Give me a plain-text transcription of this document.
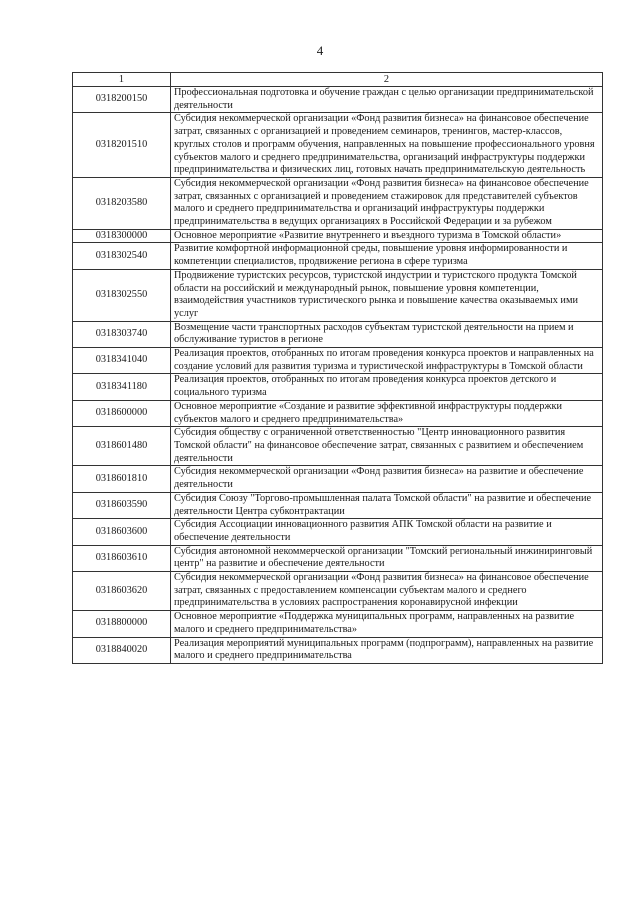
4
1	2
0318200150	Профессиональная подготовка и обучение граждан с целью организации предпринимательской деятельности
0318201510	Субсидия некоммерческой организации «Фонд развития бизнеса» на финансовое обеспечение затрат, связанных с организацией и проведением семинаров, тренингов, мастер-классов, круглых столов и программ обучения, направленных на повышение профессионального уровня субъектов малого и среднего предпринимательства, организаций инфраструктуры поддержки предпринимательства и физических лиц, готовых начать предпринимательскую деятельность
0318203580	Субсидия некоммерческой организации «Фонд развития бизнеса» на финансовое обеспечение затрат, связанных с организацией и проведением стажировок для представителей субъектов малого и среднего предпринимательства и организаций инфраструктуры поддержки предпринимательства в ведущих организациях в Российской Федерации и за рубежом
0318300000	Основное мероприятие «Развитие внутреннего и въездного туризма в Томской области»
0318302540	Развитие комфортной информационной среды, повышение уровня информированности и компетенции специалистов, продвижение региона в сфере туризма
0318302550	Продвижение туристских ресурсов, туристской индустрии и туристского продукта Томской области на российский и международный рынок, повышение уровня компетенции, взаимодействия участников туристического рынка и повышение качества оказываемых ими услуг
0318303740	Возмещение части транспортных расходов субъектам туристской деятельности на прием и обслуживание туристов в регионе
0318341040	Реализация проектов, отобранных по итогам проведения конкурса проектов и направленных на создание условий для развития туризма и туристической инфраструктуры в Томской области
0318341180	Реализация проектов, отобранных по итогам проведения конкурса проектов детского и социального туризма
0318600000	Основное мероприятие «Создание и развитие эффективной инфраструктуры поддержки субъектов малого и среднего предпринимательства»
0318601480	Субсидия обществу с ограниченной ответственностью "Центр инновационного развития Томской области" на финансовое обеспечение затрат, связанных с развитием и обеспечением деятельности
0318601810	Субсидия некоммерческой организации «Фонд развития бизнеса» на развитие и обеспечение деятельности
0318603590	Субсидия Союзу "Торгово-промышленная палата Томской области" на развитие и обеспечение деятельности Центра субконтрактации
0318603600	Субсидия Ассоциации инновационного развития АПК Томской области на развитие и обеспечение деятельности
0318603610	Субсидия автономной некоммерческой организации "Томский региональный инжиниринговый центр" на развитие и обеспечение деятельности
0318603620	Субсидия некоммерческой организации «Фонд развития бизнеса» на финансовое обеспечение затрат, связанных с предоставлением компенсации субъектам малого и среднего предпринимательства в условиях распространения коронавирусной инфекции
0318800000	Основное мероприятие «Поддержка муниципальных программ, направленных на развитие малого и среднего предпринимательства»
0318840020	Реализация мероприятий муниципальных программ (подпрограмм), направленных на развитие малого и среднего предпринимательства
